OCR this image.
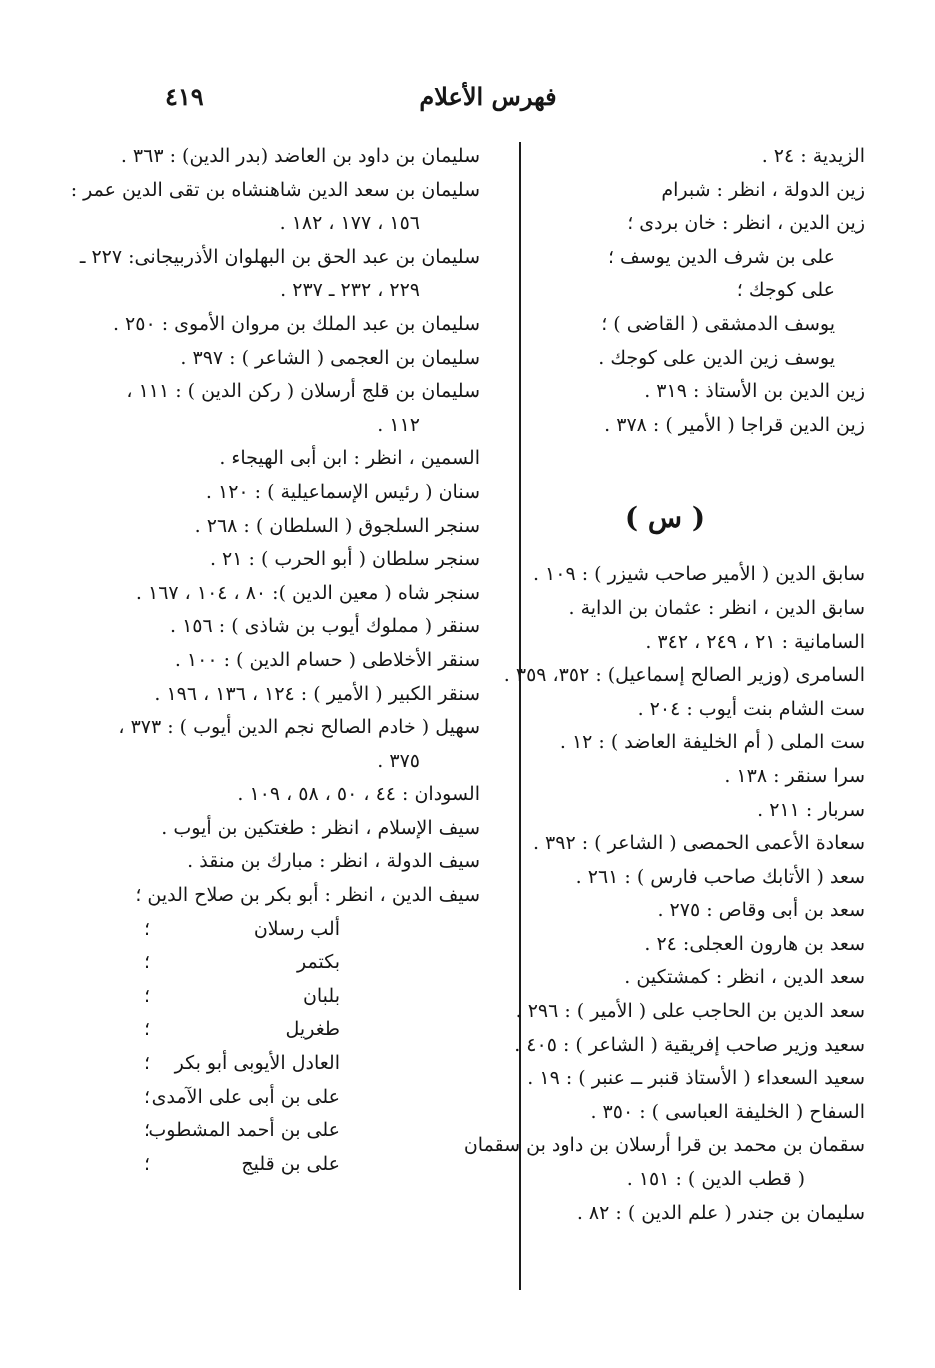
فهرس الأعلام
٤١٩
الزيدية : ٢٤ .
زين الدولة ، انظر : شبرام
زين الدين ، انظر : خان بردى ؛
على بن شرف الدين يوسف ؛
على كوجك ؛
يوسف الدمشقى ( القاضى ) ؛
يوسف زين الدين على كوجك .
زين الدين بن الأستاذ : ٣١٩ .
زين الدين قراجا ( الأمير ) : ٣٧٨ .
( س )
سابق الدين ( الأمير صاحب شيزر ) : ١٠٩ .
سابق الدين ، انظر : عثمان بن الداية .
السامانية : ٢١ ، ٢٤٩ ، ٣٤٢ .
السامرى (وزير الصالح إسماعيل) : ٣٥٢، ٣٥٩ .
ست الشام بنت أيوب : ٢٠٤ .
ست الملى ( أم الخليفة العاضد ) : ١٢ .
سرا سنقر : ١٣٨ .
سربار : ٢١١ .
سعادة الأعمى الحمصى ( الشاعر ) : ٣٩٢ .
سعد ( الأتابك صاحب فارس ) : ٢٦١ .
سعد بن أبى وقاص : ٢٧٥ .
سعد بن هارون العجلى: ٢٤ .
سعد الدين ، انظر : كمشتكين .
سعد الدين بن الحاجب على ( الأمير ) : ٢٩٦ .
سعيد وزير صاحب إفريقية ( الشاعر ) : ٤٠٥ .
سعيد السعداء ( الأستاذ قنبر ــ عنبر ) : ١٩ .
السفاح ( الخليفة العباسى ) : ٣٥٠ .
سقمان بن محمد بن قرا أرسلان بن داود بن سقمان
( قطب الدين ) : ١٥١ .
سليمان بن جندر ( علم الدين ) : ٨٢ .
سليمان بن داود بن العاضد (بدر الدين) : ٣٦٣ .
سليمان بن سعد الدين شاهنشاه بن تقى الدين عمر :
١٥٦ ، ١٧٧ ، ١٨٢ .
سليمان بن عبد الحق بن البهلوان الأذربيجانى: ٢٢٧ ـ
٢٢٩ ، ٢٣٢ ـ ٢٣٧ .
سليمان بن عبد الملك بن مروان الأموى : ٢٥٠ .
سليمان بن العجمى ( الشاعر ) : ٣٩٧ .
سليمان بن قلج أرسلان ( ركن الدين ) : ١١١ ،
١١٢ .
السمين ، انظر : ابن أبى الهيجاء .
سنان ( رئيس الإسماعيلية ) : ١٢٠ .
سنجر السلجوق ( السلطان ) : ٢٦٨ .
سنجر سلطان ( أبو الحرب ) : ٢١ .
سنجر شاه ( معين الدين ): ٨٠ ، ١٠٤ ، ١٦٧ .
سنقر ( مملوك أيوب بن شاذى ) : ١٥٦ .
سنقر الأخلاطى ( حسام الدين ) : ١٠٠ .
سنقر الكبير ( الأمير ) : ١٢٤ ، ١٣٦ ، ١٩٦ .
سهيل ( خادم الصالح نجم الدين أيوب ) : ٣٧٣ ،
٣٧٥ .
السودان : ٤٤ ، ٥٠ ، ٥٨ ، ١٠٩ .
سيف الإسلام ، انظر : طغتكين بن أيوب .
سيف الدولة ، انظر : مبارك بن منقذ .
سيف الدين ، انظر : أبو بكر بن صلاح الدين ؛
ألب رسلان
؛
بكتمر
؛
بلبان
؛
طغريل
؛
العادل الأيوبى أبو بكر
؛
على بن أبى على الآمدى
؛
على بن أحمد المشطوب
؛
على بن قليج
؛
